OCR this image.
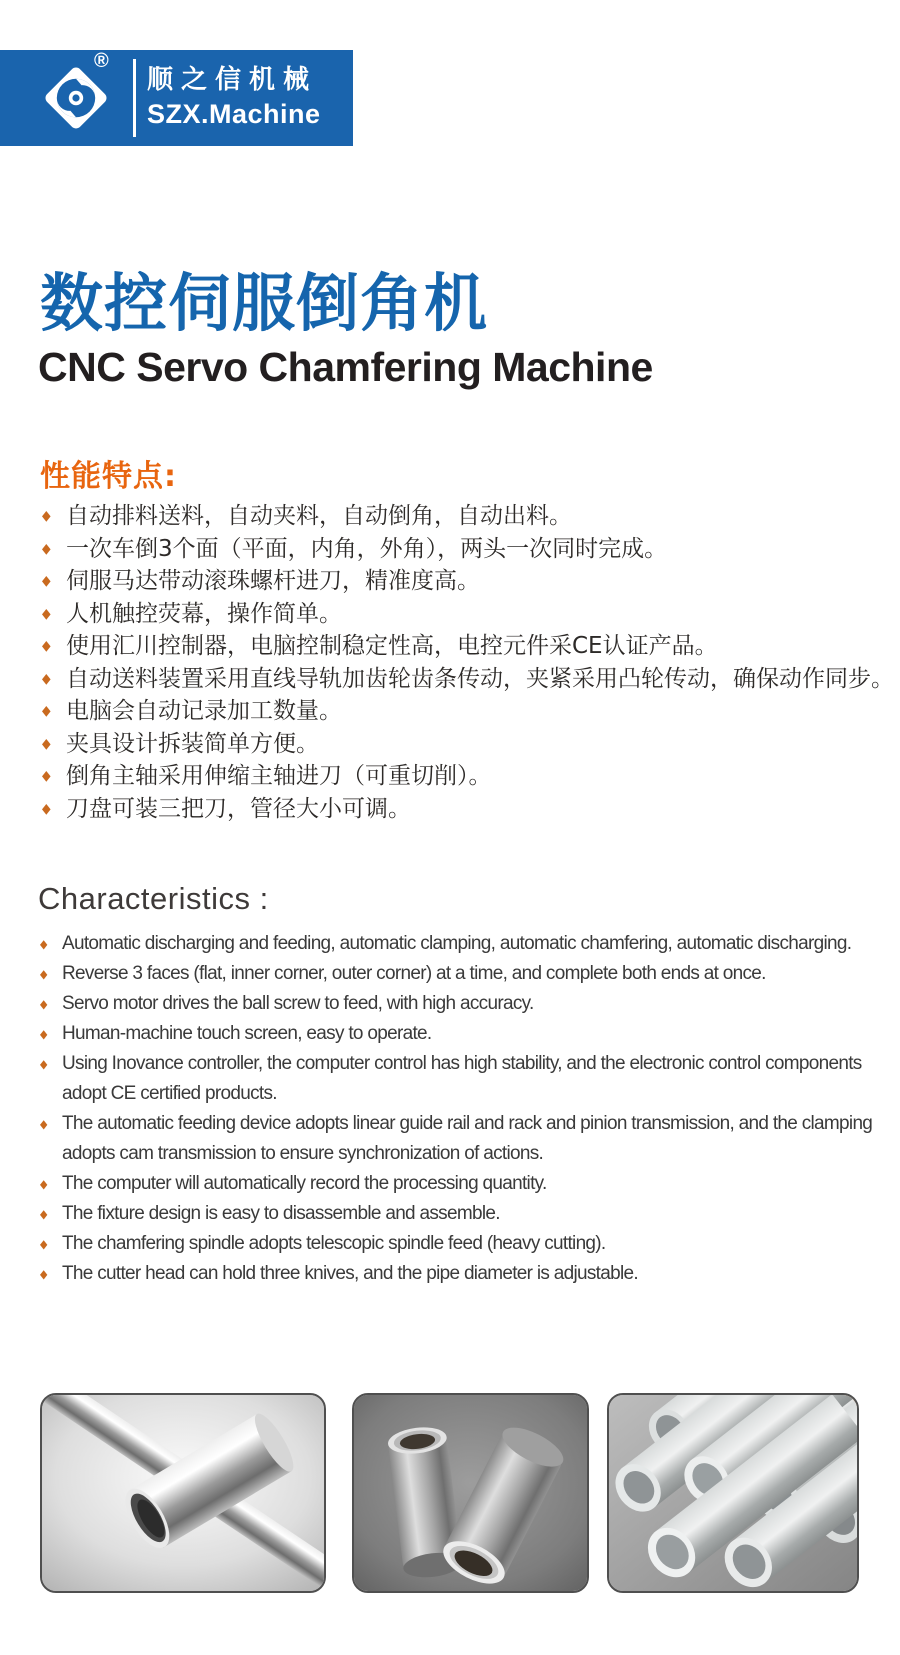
®
顺之信机械
SZX.Machine
数控伺服倒角机
CNC Servo Chamfering Machine
性能特点:
◆ 自动排料送料，自动夹料，自动倒角，自动出料。
◆ 一次车倒3个面（平面，内角，外角），两头一次同时完成。
◆ 伺服马达带动滚珠螺杆进刀，精准度高。
◆ 人机触控荧幕，操作简单。
◆ 使用汇川控制器，电脑控制稳定性高，电控元件采CE认证产品。
◆ 自动送料装置采用直线导轨加齿轮齿条传动，夹紧采用凸轮传动，确保动作同步。
◆ 电脑会自动记录加工数量。
◆ 夹具设计拆装简单方便。
◆ 倒角主轴采用伸缩主轴进刀（可重切削）。
◆ 刀盘可装三把刀，管径大小可调。
Characteristics :
◆ Automatic discharging and feeding, automatic clamping, automatic chamfering, automatic discharging.
◆ Reverse 3 faces (flat, inner corner, outer corner) at a time, and complete both ends at once.
◆ Servo motor drives the ball screw to feed, with high accuracy.
◆ Human-machine touch screen, easy to operate.
◆ Using Inovance controller, the computer control has high stability, and the electronic control components adopt CE certified products.
◆ The automatic feeding device adopts linear guide rail and rack and pinion transmission, and the clamping adopts cam transmission to ensure synchronization of actions.
◆ The computer will automatically record the processing quantity.
◆ The fixture design is easy to disassemble and assemble.
◆ The chamfering spindle adopts telescopic spindle feed (heavy cutting).
◆ The cutter head can hold three knives, and the pipe diameter is adjustable.
